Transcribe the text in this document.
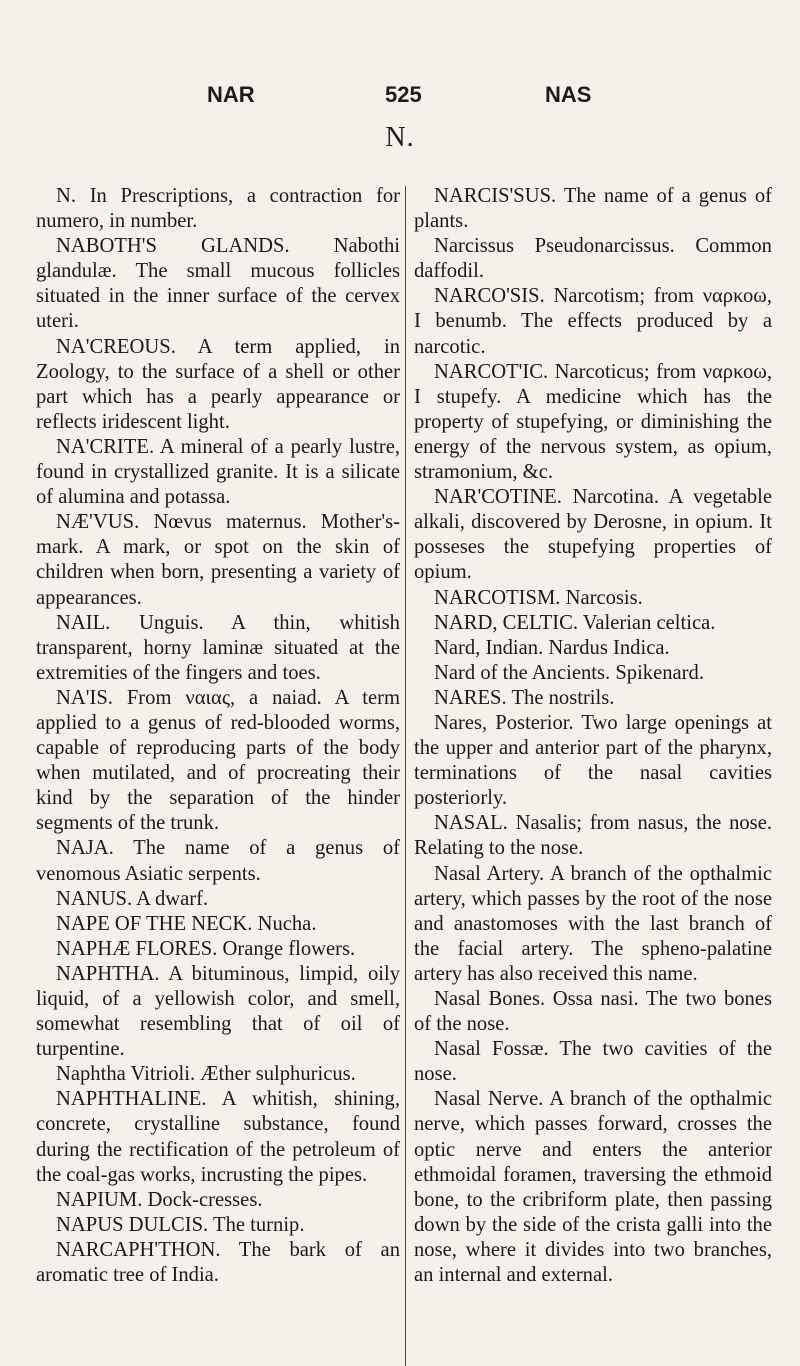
NAR	525	NAS
N.

N. In Prescriptions, a contraction for numero, in number.

NABOTH'S GLANDS. Nabothi glandulæ. The small mucous follicles situated in the inner surface of the cervex uteri.

NA'CREOUS. A term applied, in Zoology, to the surface of a shell or other part which has a pearly appearance or reflects iridescent light.

NA'CRITE. A mineral of a pearly lustre, found in crystallized granite. It is a silicate of alumina and potassa.

NÆ'VUS. Nœvus maternus. Mother's-mark. A mark, or spot on the skin of children when born, presenting a variety of appearances.

NAIL. Unguis. A thin, whitish transparent, horny laminæ situated at the extremities of the fingers and toes.

NA'IS. From ναιας, a naiad. A term applied to a genus of red-blooded worms, capable of reproducing parts of the body when mutilated, and of procreating their kind by the separation of the hinder segments of the trunk.

NAJA. The name of a genus of venomous Asiatic serpents.

NANUS. A dwarf.

NAPE OF THE NECK. Nucha.

NAPHÆ FLORES. Orange flowers.

NAPHTHA. A bituminous, limpid, oily liquid, of a yellowish color, and smell, somewhat resembling that of oil of turpentine.

Naphtha Vitrioli. Æther sulphuricus.

NAPHTHALINE. A whitish, shining, concrete, crystalline substance, found during the rectification of the petroleum of the coal-gas works, incrusting the pipes.

NAPIUM. Dock-cresses.

NAPUS DULCIS. The turnip.

NARCAPH'THON. The bark of an aromatic tree of India.

NARCIS'SUS. The name of a genus of plants.

Narcissus Pseudonarcissus. Common daffodil.

NARCO'SIS. Narcotism; from ναρκοω, I benumb. The effects produced by a narcotic.

NARCOT'IC. Narcoticus; from ναρκοω, I stupefy. A medicine which has the property of stupefying, or diminishing the energy of the nervous system, as opium, stramonium, &c.

NAR'COTINE. Narcotina. A vegetable alkali, discovered by Derosne, in opium. It posseses the stupefying properties of opium.

NARCOTISM. Narcosis.

NARD, CELTIC. Valerian celtica.

Nard, Indian. Nardus Indica.

Nard of the Ancients. Spikenard.

NARES. The nostrils.

Nares, Posterior. Two large openings at the upper and anterior part of the pharynx, terminations of the nasal cavities posteriorly.

NASAL. Nasalis; from nasus, the nose. Relating to the nose.

Nasal Artery. A branch of the opthalmic artery, which passes by the root of the nose and anastomoses with the last branch of the facial artery. The spheno-palatine artery has also received this name.

Nasal Bones. Ossa nasi. The two bones of the nose.

Nasal Fossæ. The two cavities of the nose.

Nasal Nerve. A branch of the opthalmic nerve, which passes forward, crosses the optic nerve and enters the anterior ethmoidal foramen, traversing the ethmoid bone, to the cribriform plate, then passing down by the side of the crista galli into the nose, where it divides into two branches, an internal and external.
